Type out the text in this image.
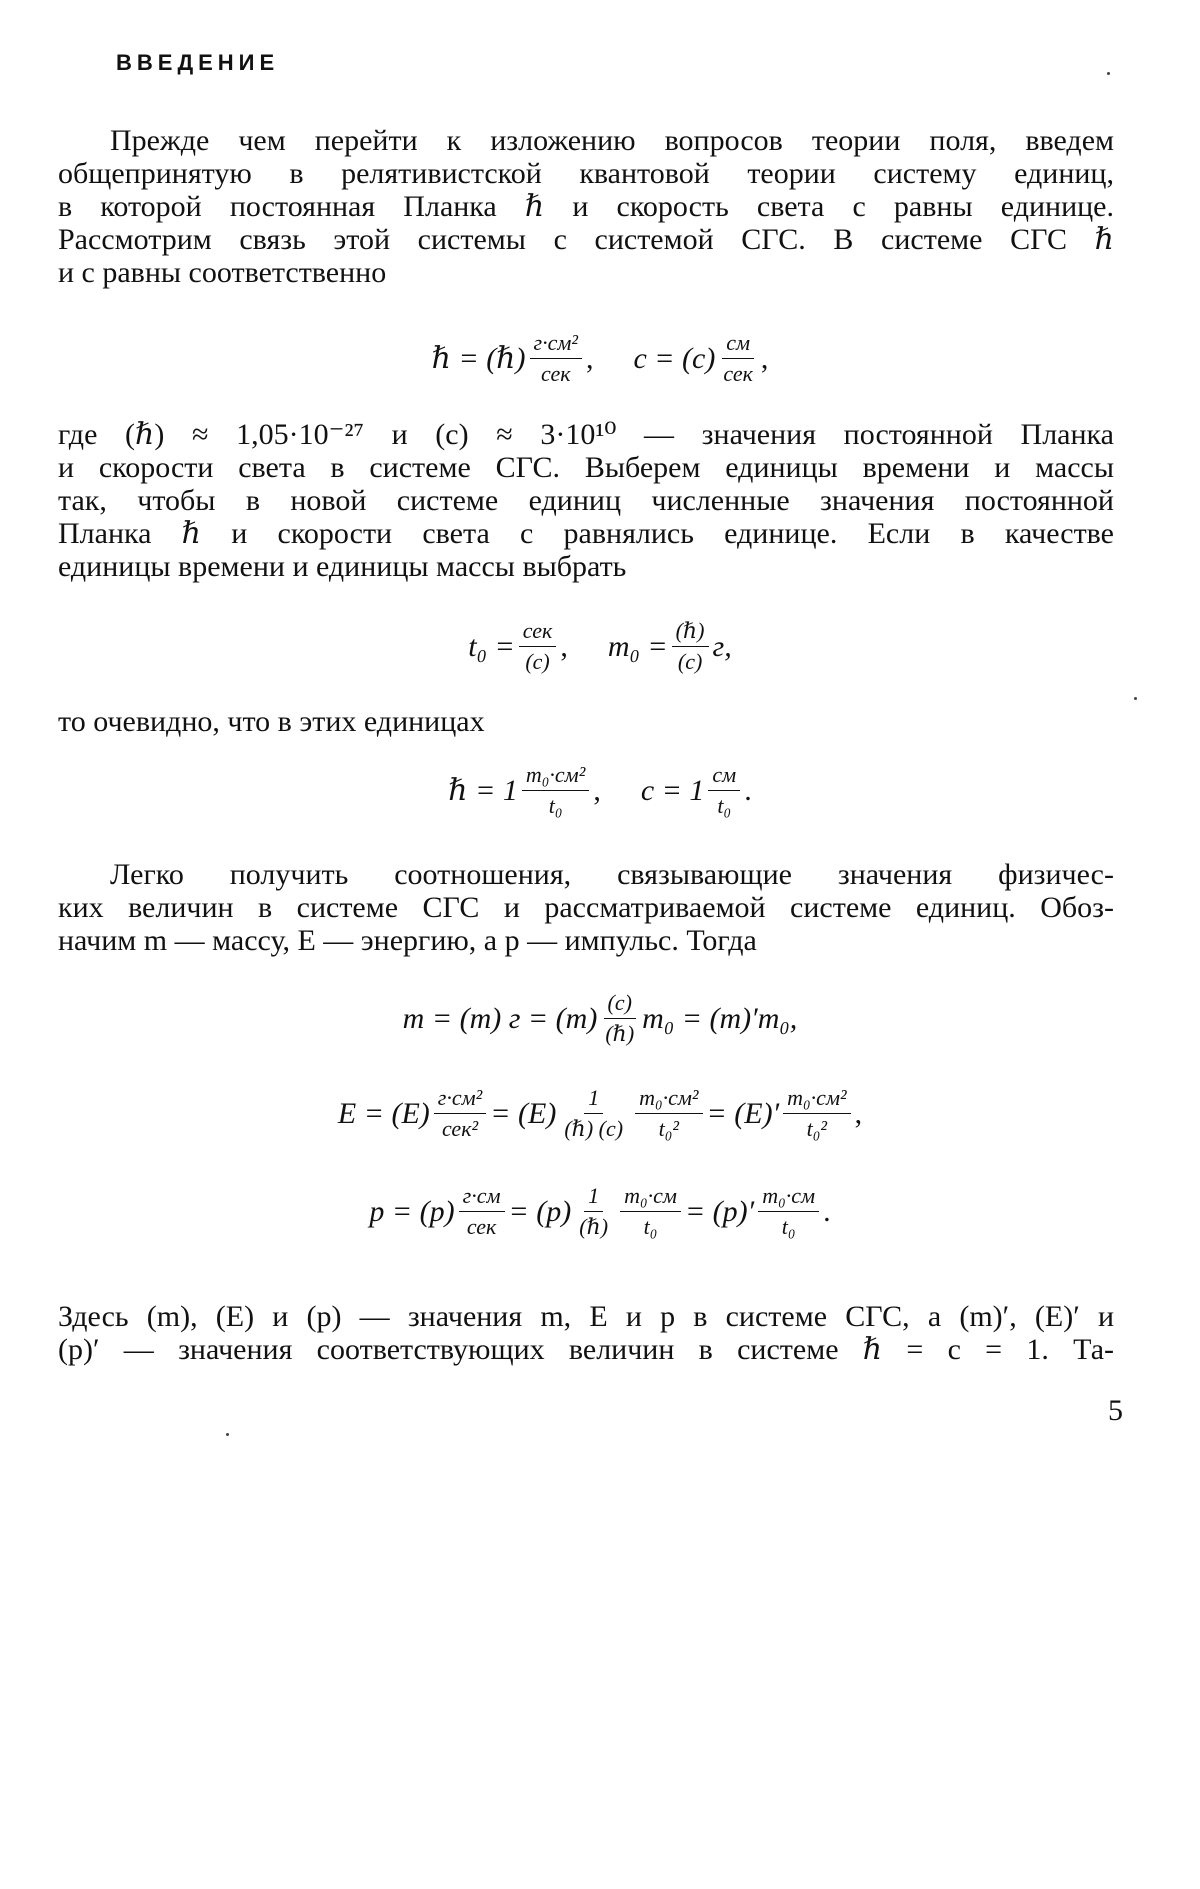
ВВЕДЕНИЕ
Прежде чем перейти к изложению вопросов теории поля, введем
общепринятую в релятивистской квантовой теории систему единиц,
в которой постоянная Планка ℏ и скорость света c равны единице.
Рассмотрим связь этой системы с системой СГС. В системе СГС ℏ
и c равны соответственно
ℏ = (ℏ) $\frac{\text{г·см²}}{\text{сек}}$ , $c = (c) \frac{см}{\text{сек}}$ ,
где (ℏ) ≈ 1,05·10⁻²⁷ и (c) ≈ 3·10¹⁰ — значения постоянной Планка
и скорости света в системе СГС. Выберем единицы времени и массы
так, чтобы в новой системе единиц численные значения постоянной
Планка ℏ и скорости света c равнялись единице. Если в качестве
единицы времени и единицы массы выбрать
$t_0 = \frac{\text{сек}}{(c)}$ , $m_0 = \frac{\text{(ℏ)}}{(c)} г$,
то очевидно, что в этих единицах
ℏ = $1 \frac{\text{m₀·см²}}{\text{t₀}}$ , $c = 1 \frac{см}{\text{t₀}}$ .
Легко получить соотношения, связывающие значения физичес-
ких величин в системе СГС и рассматриваемой системе единиц. Обоз-
начим m — массу, E — энергию, а p — импульс. Тогда
m = (m) $г = (m) \frac{(c)}{\text{(ℏ)}} m_0 = (m)'m_0$,
$E = (E) \frac{\text{г·см²}}{\text{сек²}} = (E) \frac{1}{\text{(ℏ) (c)}} \frac{\text{m₀·см²}}{\text{t₀²}} = (E)' \frac{\text{m₀·см²}}{\text{t₀²}}$ ,
$p = (p) \frac{г\cdot см}{\text{сек}} = (p) \frac{1}{\text{(ℏ)}} \frac{\text{m₀·см}}{\text{t₀}} = (p)' \frac{\text{m₀·см}}{\text{t₀}}$ .
Здесь (m), (E) и (p) — значения m, E и p в системе СГС, а (m)′, (E)′ и
(p)′ — значения соответствующих величин в системе ℏ = c = 1. Та-
5
